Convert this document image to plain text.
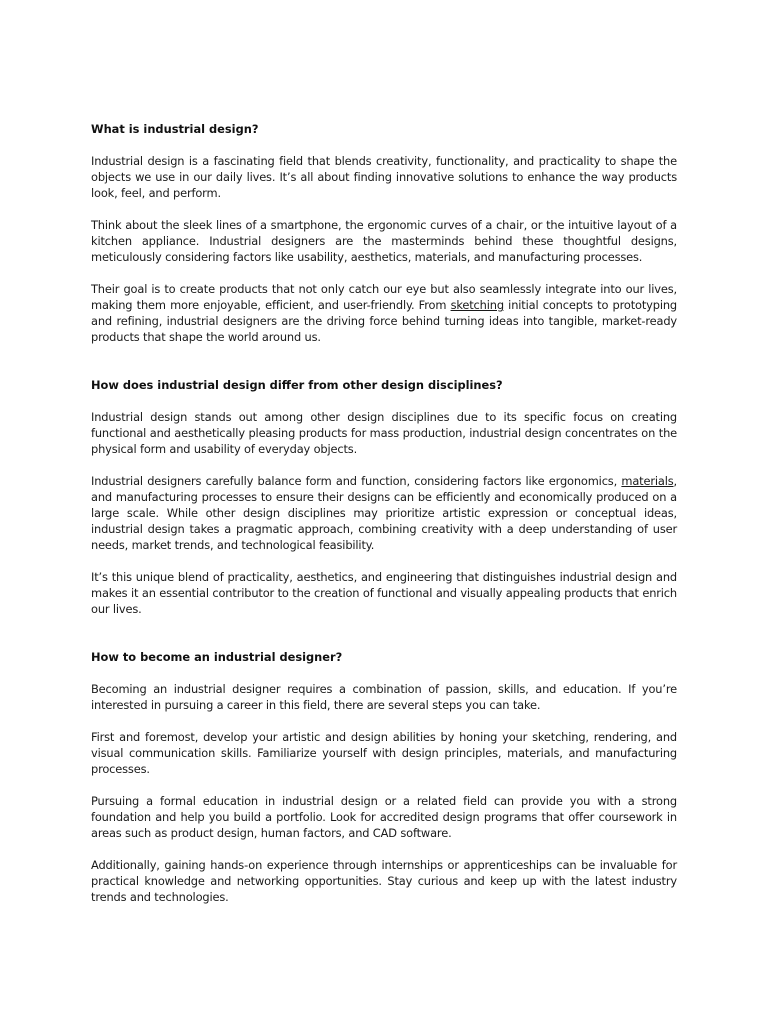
What is industrial design?

Industrial design is a fascinating field that blends creativity, functionality, and practicality to shape the objects we use in our daily lives. It’s all about finding innovative solutions to enhance the way products look, feel, and perform.

Think about the sleek lines of a smartphone, the ergonomic curves of a chair, or the intuitive layout of a kitchen appliance. Industrial designers are the masterminds behind these thoughtful designs, meticulously considering factors like usability, aesthetics, materials, and manufacturing processes.

Their goal is to create products that not only catch our eye but also seamlessly integrate into our lives, making them more enjoyable, efficient, and user-friendly. From sketching initial concepts to prototyping and refining, industrial designers are the driving force behind turning ideas into tangible, market-ready products that shape the world around us.

How does industrial design differ from other design disciplines?

Industrial design stands out among other design disciplines due to its specific focus on creating functional and aesthetically pleasing products for mass production, industrial design concentrates on the physical form and usability of everyday objects.

Industrial designers carefully balance form and function, considering factors like ergonomics, materials, and manufacturing processes to ensure their designs can be efficiently and economically produced on a large scale. While other design disciplines may prioritize artistic expression or conceptual ideas, industrial design takes a pragmatic approach, combining creativity with a deep understanding of user needs, market trends, and technological feasibility.

It’s this unique blend of practicality, aesthetics, and engineering that distinguishes industrial design and makes it an essential contributor to the creation of functional and visually appealing products that enrich our lives.

How to become an industrial designer?

Becoming an industrial designer requires a combination of passion, skills, and education. If you’re interested in pursuing a career in this field, there are several steps you can take.

First and foremost, develop your artistic and design abilities by honing your sketching, rendering, and visual communication skills. Familiarize yourself with design principles, materials, and manufacturing processes.

Pursuing a formal education in industrial design or a related field can provide you with a strong foundation and help you build a portfolio. Look for accredited design programs that offer coursework in areas such as product design, human factors, and CAD software.

Additionally, gaining hands-on experience through internships or apprenticeships can be invaluable for practical knowledge and networking opportunities. Stay curious and keep up with the latest industry trends and technologies.
